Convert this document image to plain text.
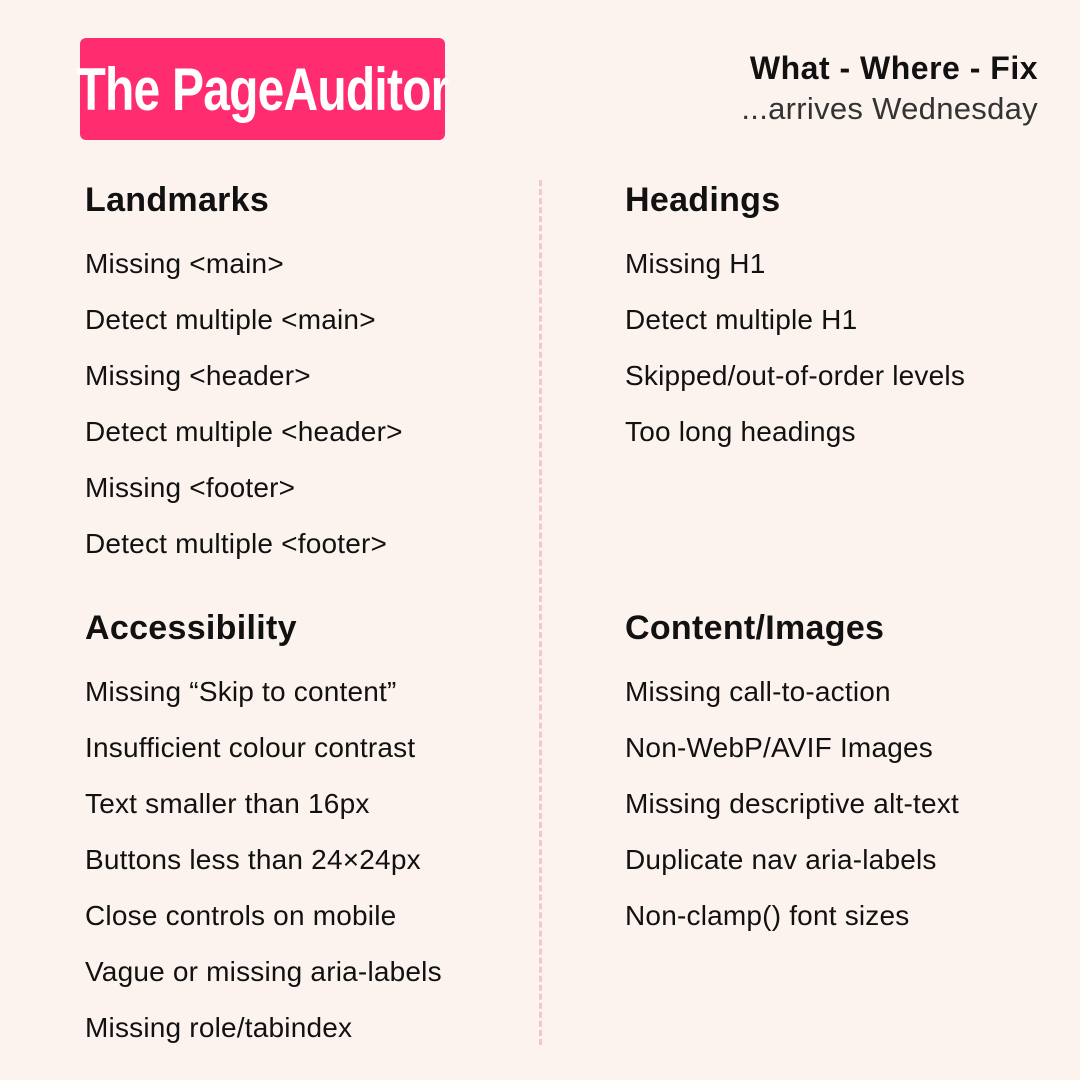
The PageAuditor	What - Where - Fix
...arrives Wednesday
Landmarks
Missing <main>
Detect multiple <main>
Missing <header>
Detect multiple <header>
Missing <footer>
Detect multiple <footer>
Headings
Missing H1
Detect multiple H1
Skipped/out-of-order levels
Too long headings
Accessibility
Missing “Skip to content”
Insufficient colour contrast
Text smaller than 16px
Buttons less than 24×24px
Close controls on mobile
Vague or missing aria-labels
Missing role/tabindex
Content/Images
Missing call-to-action
Non-WebP/AVIF Images
Missing descriptive alt-text
Duplicate nav aria-labels
Non-clamp() font sizes
